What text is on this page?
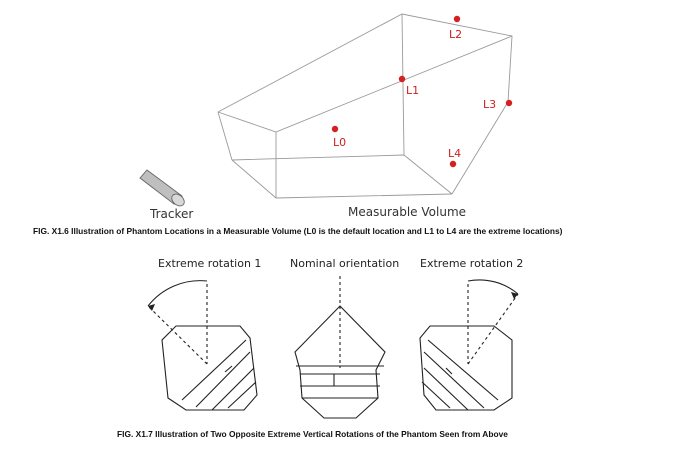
L0
L1
L2
L3
L4
Tracker	Measurable Volume
Extreme rotation 1	Nominal orientation Extreme rotation 2
FIG. X1.6 Illustration of Phantom Locations in a Measurable Volume (L0 is the default location and L1 to L4 are the extreme locations)
FIG. X1.7 Illustration of Two Opposite Extreme Vertical Rotations of the Phantom Seen from Above
